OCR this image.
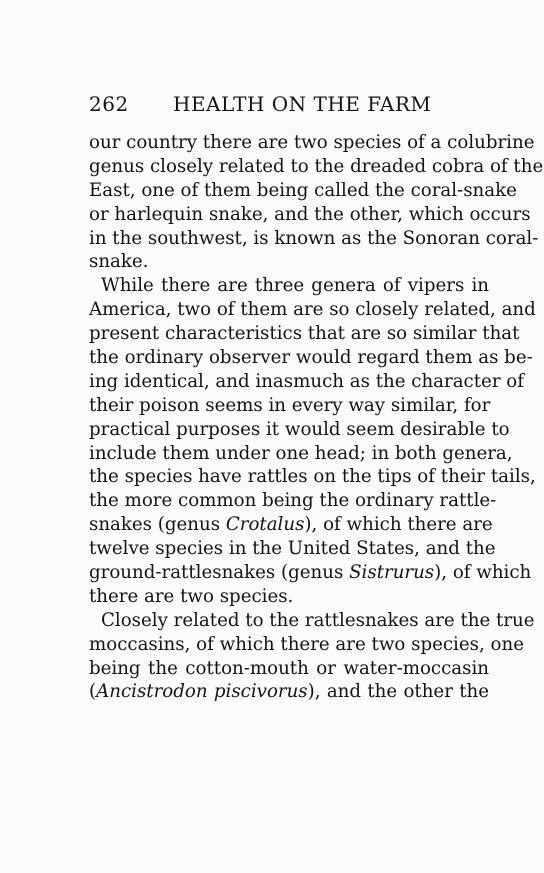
262 HEALTH ON THE FARM
our country there are two species of a colubrine
genus closely related to the dreaded cobra of the
East, one of them being called the coral-snake
or harlequin snake, and the other, which occurs
in the southwest, is known as the Sonoran coral-
snake.
While there are three genera of vipers in
America, two of them are so closely related, and
present characteristics that are so similar that
the ordinary observer would regard them as be-
ing identical, and inasmuch as the character of
their poison seems in every way similar, for
practical purposes it would seem desirable to
include them under one head; in both genera,
the species have rattles on the tips of their tails,
the more common being the ordinary rattle-
snakes (genus Crotalus), of which there are
twelve species in the United States, and the
ground-rattlesnakes (genus Sistrurus), of which
there are two species.
Closely related to the rattlesnakes are the true
moccasins, of which there are two species, one
being the cotton-mouth or water-moccasin
(Ancistrodon piscivorus), and the other the
